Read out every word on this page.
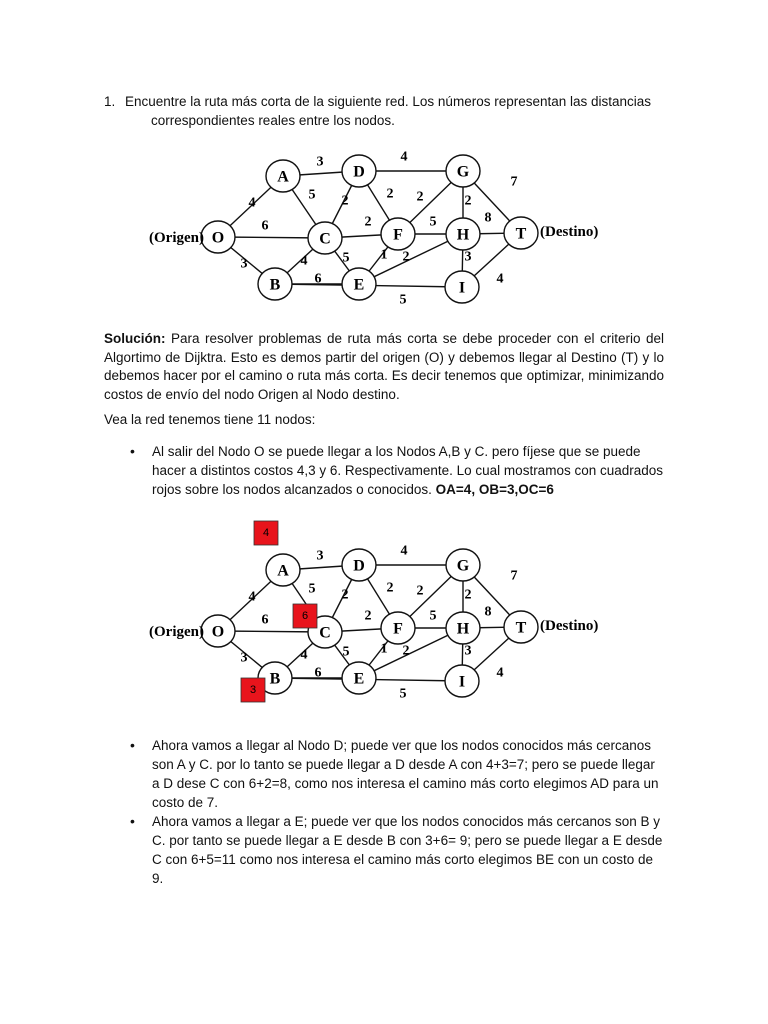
1. Encuentre la ruta más corta de la siguiente red. Los números representan las distancias
correspondientes reales entre los nodos.
4
6
3
3
5
4
6
5
2
2
5
4
2 2
5
1 2
2
7
8
3
4
O
A
B
C
D
E
F
G
H
I
T
(Origen)	(Destino)
Solución: Para resolver problemas de ruta más corta se debe proceder con el criterio del Algortimo de Dijktra. Esto es demos partir del origen (O) y debemos llegar al Destino (T) y lo debemos hacer por el camino o ruta más corta. Es decir tenemos que optimizar, minimizando costos de envío del nodo Origen al Nodo destino.
Vea la red tenemos tiene 11 nodos:
• Al salir del Nodo O se puede llegar a los Nodos A,B y C. pero fíjese que se puede hacer a distintos costos 4,3 y 6. Respectivamente. Lo cual mostramos con cuadrados rojos sobre los nodos alcanzados o conocidos. OA=4, OB=3,OC=6
4
6
3
3
5
4
6
5
2
2
5
4
2 2
5
1 2
2
7
8
3
4
O
A
B
C
D
E
F
G
H
I
T
(Origen)	(Destino)
4
6
3
• Ahora vamos a llegar al Nodo D; puede ver que los nodos conocidos más cercanos son A y C. por lo tanto se puede llegar a D desde A con 4+3=7; pero se puede llegar a D dese C con 6+2=8, como nos interesa el camino más corto elegimos AD para un costo de 7.
• Ahora vamos a llegar a E; puede ver que los nodos conocidos más cercanos son B y C. por tanto se puede llegar a E desde B con 3+6= 9; pero se puede llegar a E desde C con 6+5=11 como nos interesa el camino más corto elegimos BE con un costo de 9.
